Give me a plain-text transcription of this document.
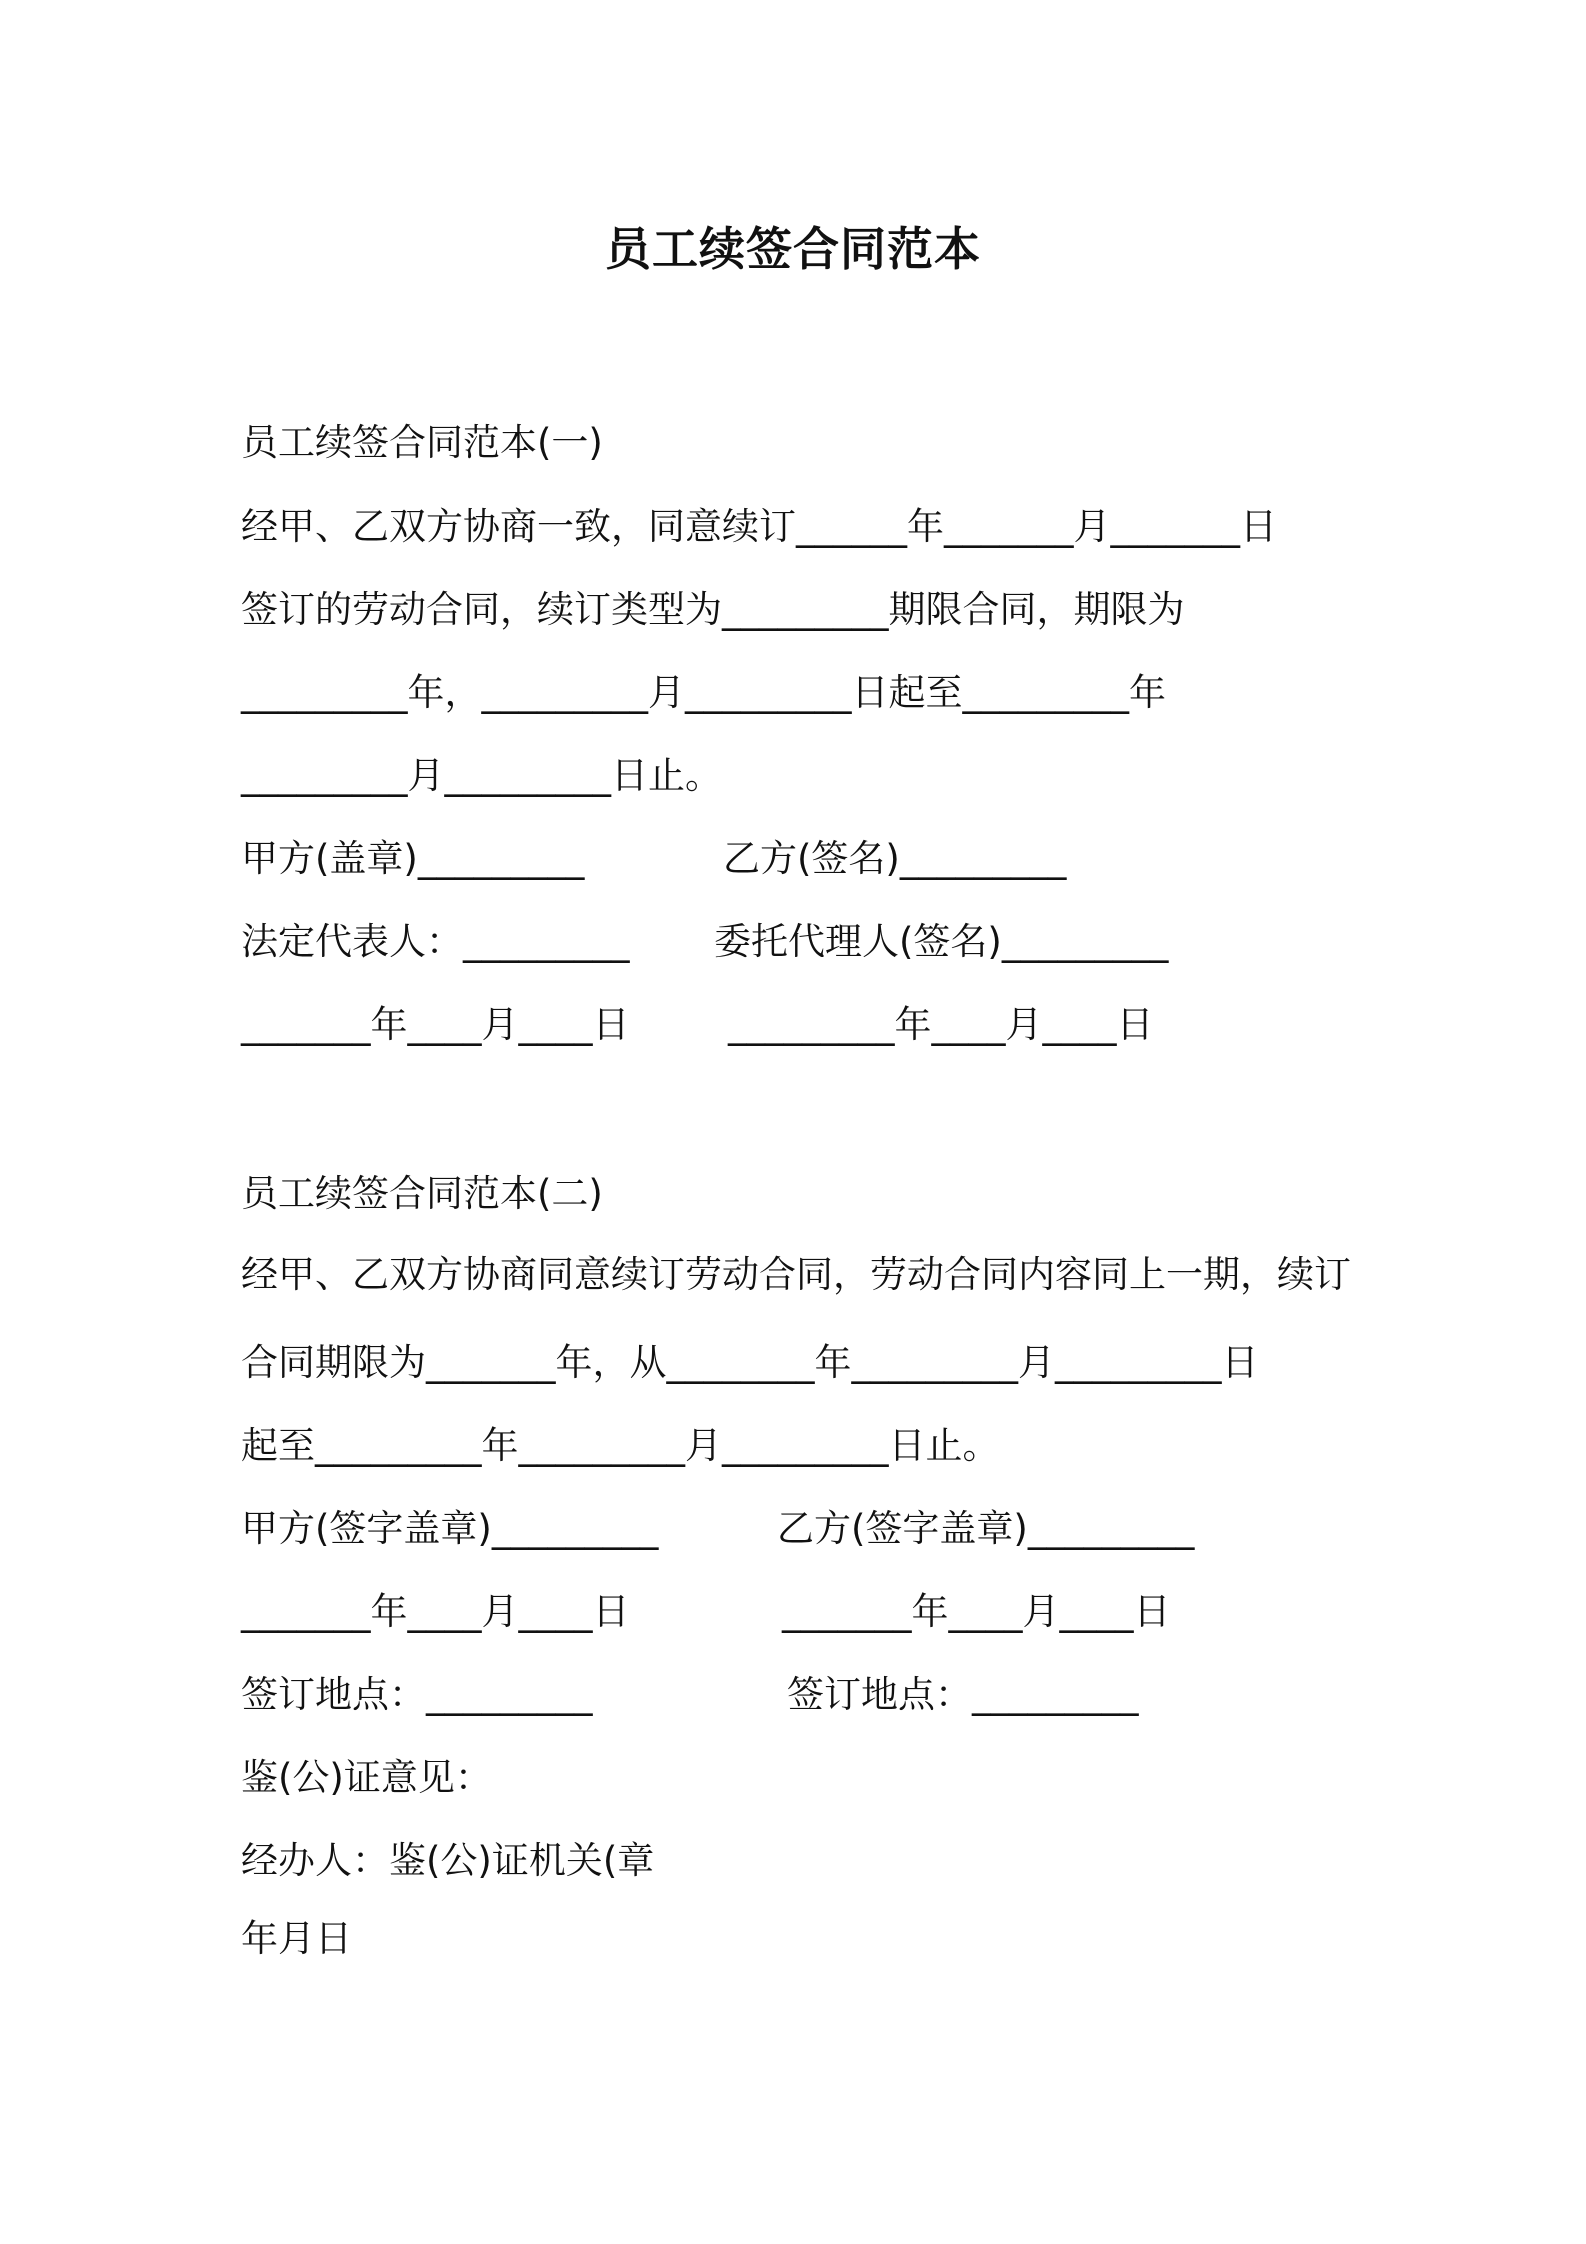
员工续签合同范本
员工续签合同范本(一)
经甲、乙双方协商一致，同意续订______年_______月_______日
签订的劳动合同，续订类型为_________期限合同，期限为
_________年，_________月_________日起至_________年
_________月_________日止。
甲方(盖章)_________	乙方(签名)_________
法定代表人：_________ 委托代理人(签名)_________
_______年____月____日	_________年____月____日
员工续签合同范本(二)
经甲、乙双方协商同意续订劳动合同，劳动合同内容同上一期，续订
合同期限为_______年，从________年_________月_________日
起至_________年_________月_________日止。
甲方(签字盖章)_________	乙方(签字盖章)_________
_______年____月____日	_______年____月____日
签订地点：_________	签订地点：_________
鉴(公)证意见：
经办人：鉴(公)证机关(章
年月日
